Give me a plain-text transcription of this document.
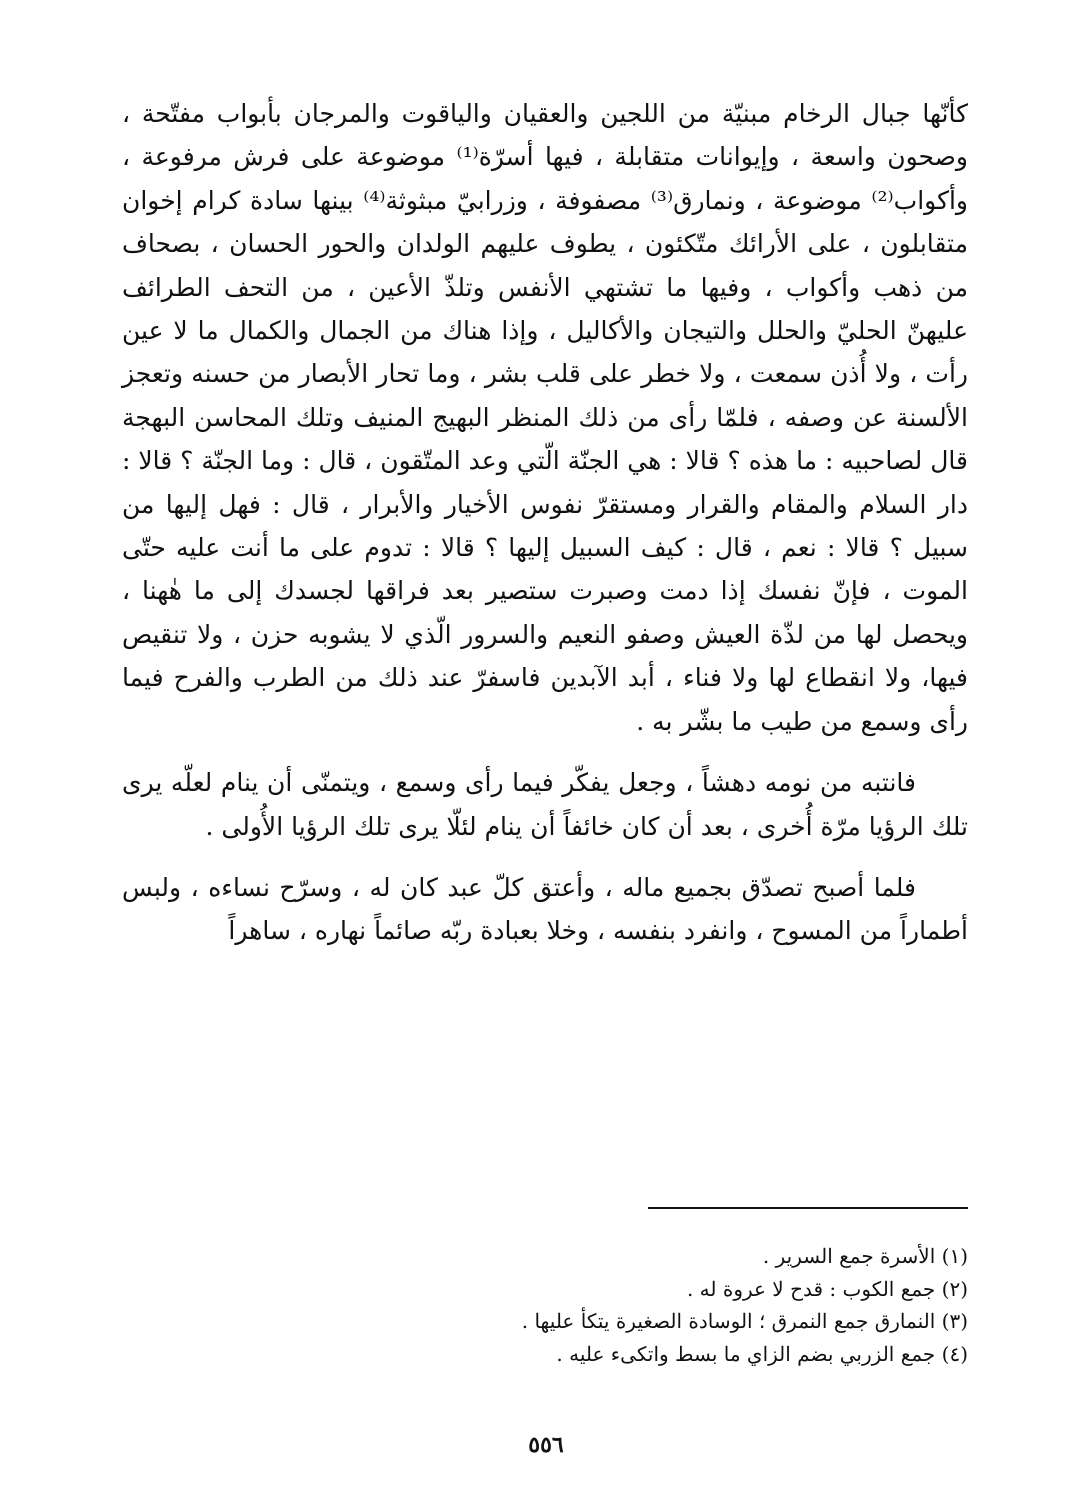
كأنّها جبال الرخام مبنيّة من اللجين والعقيان والياقوت والمرجان بأبواب مفتّحة ، وصحون واسعة ، وإيوانات متقابلة ، فيها أسرّة⁽¹⁾ موضوعة على فرش مرفوعة ، وأكواب⁽²⁾ موضوعة ، ونمارق⁽³⁾ مصفوفة ، وزرابيّ مبثوثة⁽⁴⁾ بينها سادة كرام إخوان متقابلون ، على الأرائك متّكئون ، يطوف عليهم الولدان والحور الحسان ، بصحاف من ذهب وأكواب ، وفيها ما تشتهي الأنفس وتلذّ الأعين ، من التحف الطرائف عليهنّ الحليّ والحلل والتيجان والأكاليل ، وإذا هناك من الجمال والكمال ما لا عين رأت ، ولا أُذن سمعت ، ولا خطر على قلب بشر ، وما تحار الأبصار من حسنه وتعجز الألسنة عن وصفه ، فلمّا رأى من ذلك المنظر البهيج المنيف وتلك المحاسن البهجة قال لصاحبيه : ما هذه ؟ قالا : هي الجنّة الّتي وعد المتّقون ، قال : وما الجنّة ؟ قالا : دار السلام والمقام والقرار ومستقرّ نفوس الأخيار والأبرار ، قال : فهل إليها من سبيل ؟ قالا : نعم ، قال : كيف السبيل إليها ؟ قالا : تدوم على ما أنت عليه حتّى الموت ، فإنّ نفسك إذا دمت وصبرت ستصير بعد فراقها لجسدك إلى ما هٰهنا ، ويحصل لها من لذّة العيش وصفو النعيم والسرور الّذي لا يشوبه حزن ، ولا تنقيص فيها، ولا انقطاع لها ولا فناء ، أبد الآبدين فاسفرّ عند ذلك من الطرب والفرح فيما رأى وسمع من طيب ما بشّر به .

فانتبه من نومه دهشاً ، وجعل يفكّر فيما رأى وسمع ، ويتمنّى أن ينام لعلّه يرى تلك الرؤيا مرّة أُخرى ، بعد أن كان خائفاً أن ينام لئلّا يرى تلك الرؤيا الأُولى .

فلما أصبح تصدّق بجميع ماله ، وأعتق كلّ عبد كان له ، وسرّح نساءه ، ولبس أطماراً من المسوح ، وانفرد بنفسه ، وخلا بعبادة ربّه صائماً نهاره ، ساهراً

(١) الأسرة جمع السرير .

(٢) جمع الكوب : قدح لا عروة له .

(٣) النمارق جمع النمرق ؛ الوسادة الصغيرة يتكأ عليها .

(٤) جمع الزربي بضم الزاي ما بسط واتكىء عليه .

٥٥٦
